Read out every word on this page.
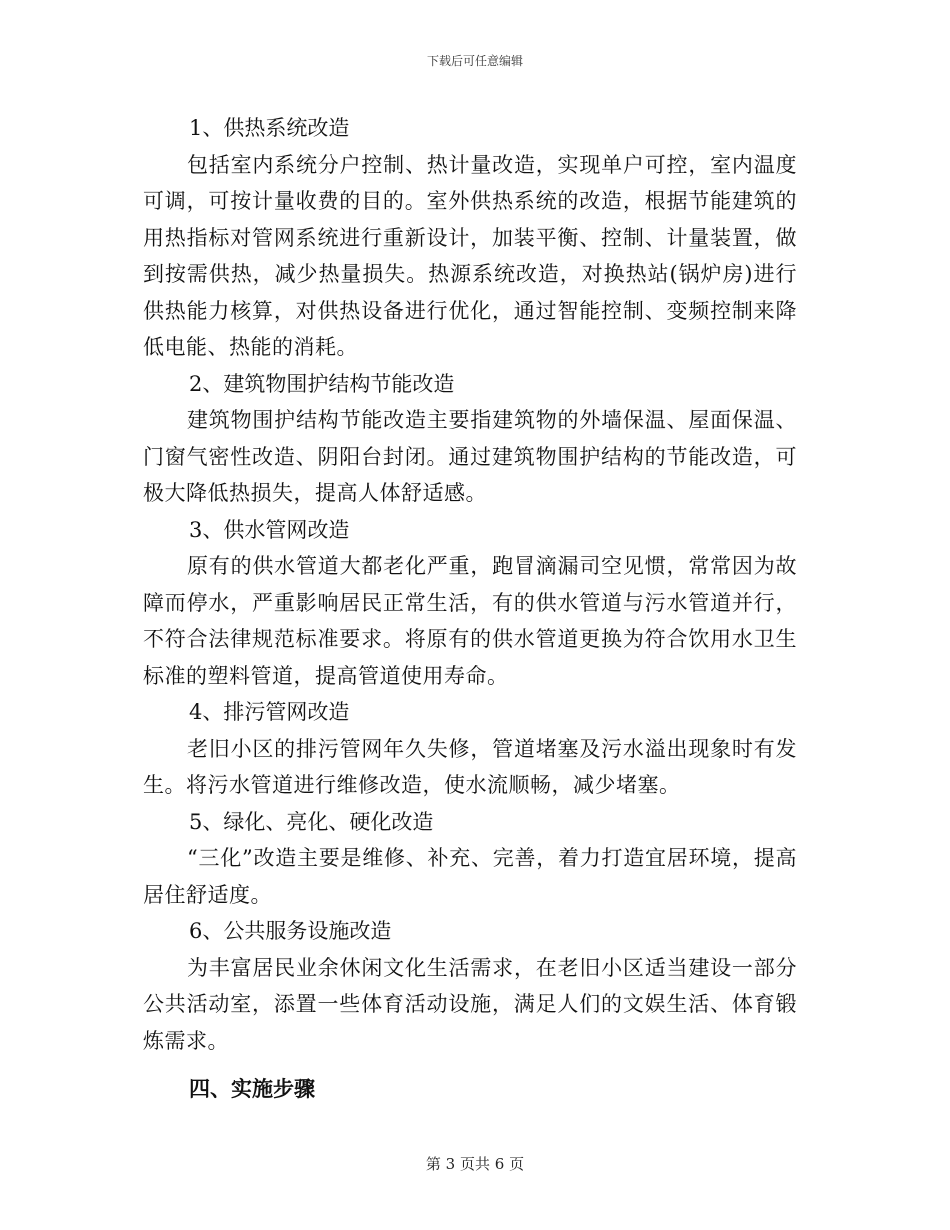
下载后可任意编辑

1、供热系统改造

包括室内系统分户控制、热计量改造，实现单户可控，室内温度可调，可按计量收费的目的。室外供热系统的改造，根据节能建筑的用热指标对管网系统进行重新设计，加装平衡、控制、计量装置，做到按需供热，减少热量损失。热源系统改造，对换热站(锅炉房)进行供热能力核算，对供热设备进行优化，通过智能控制、变频控制来降低电能、热能的消耗。

2、建筑物围护结构节能改造

建筑物围护结构节能改造主要指建筑物的外墙保温、屋面保温、门窗气密性改造、阴阳台封闭。通过建筑物围护结构的节能改造，可极大降低热损失，提高人体舒适感。

3、供水管网改造

原有的供水管道大都老化严重，跑冒滴漏司空见惯，常常因为故障而停水，严重影响居民正常生活，有的供水管道与污水管道并行，不符合法律规范标准要求。将原有的供水管道更换为符合饮用水卫生标准的塑料管道，提高管道使用寿命。

4、排污管网改造

老旧小区的排污管网年久失修，管道堵塞及污水溢出现象时有发生。将污水管道进行维修改造，使水流顺畅，减少堵塞。

5、绿化、亮化、硬化改造

“三化”改造主要是维修、补充、完善，着力打造宜居环境，提高居住舒适度。

6、公共服务设施改造

为丰富居民业余休闲文化生活需求，在老旧小区适当建设一部分公共活动室，添置一些体育活动设施，满足人们的文娱生活、体育锻炼需求。

四、实施步骤

第 3 页共 6 页
